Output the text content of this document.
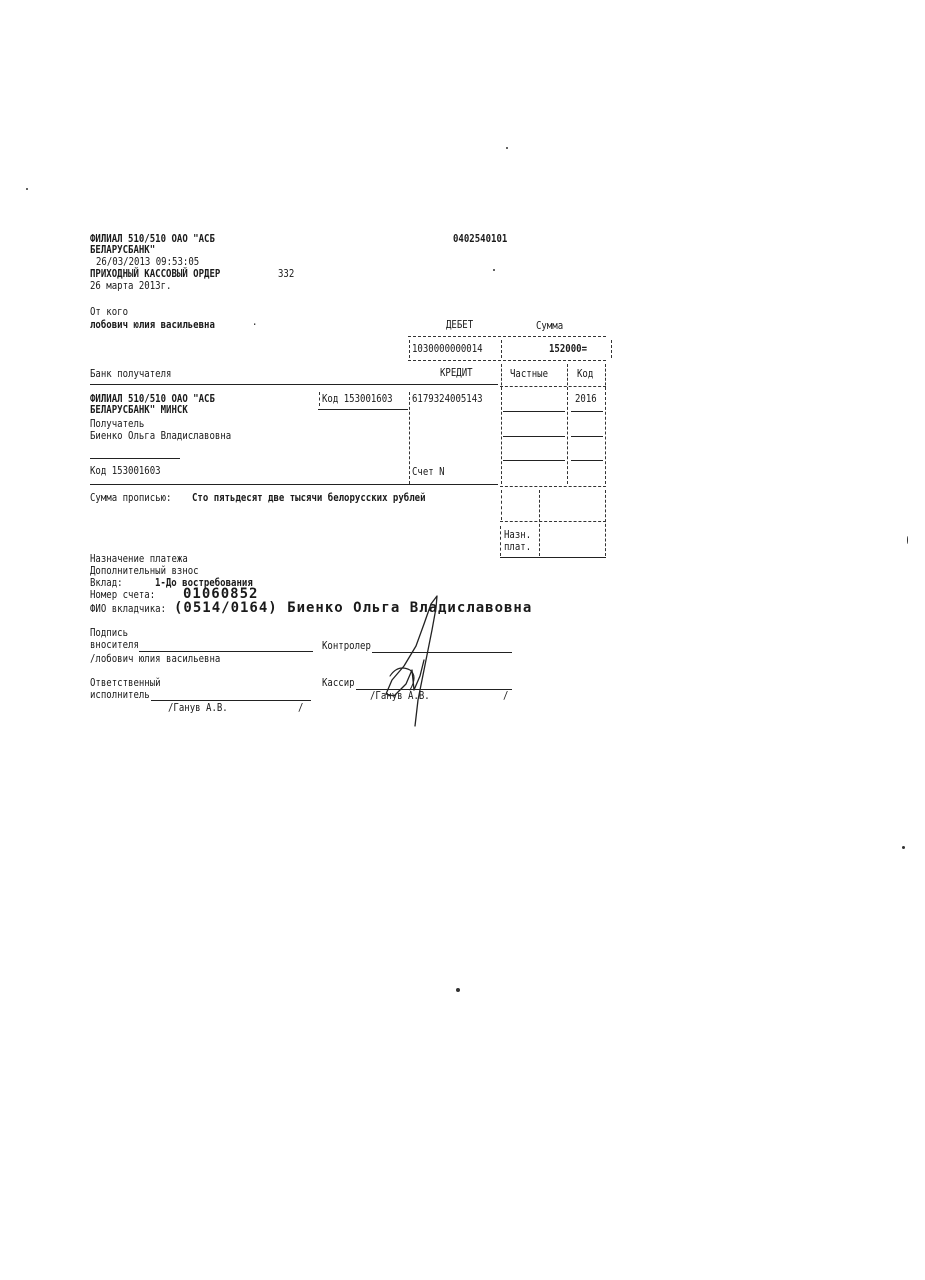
ФИЛИАЛ 510/510 ОАО "АСБ
БЕЛАРУСБАНК"
26/03/2013 09:53:05
ПРИХОДНЫЙ КАССОВЫЙ ОРДЕР	332
26 марта 2013г.
0402540101
От кого
лобович юлия васильевна	·	ДЕБЕТ	Сумма
1030000000014	152000=
Банк получателя	КРЕДИТ	Частные	Код
ФИЛИАЛ 510/510 ОАО "АСБ
БЕЛАРУСБАНК" МИНСК
Код 153001603 6179324005143	2016
Получатель
Биенко Ольга Владиславовна
Код 153001603	Счет N
Сумма прописью: Сто пятьдесят две тысячи белорусских рублей
Назн.
плат.
Назначение платежа
Дополнительный взнос
Вклад:	1-До востребования
Номер счета: 01060852
ФИО вкладчика: (0514/0164) Биенко Ольга Владиславовна
Подпись
вносителя
/лобович юлия васильевна
Контролер
Ответственный
исполнитель
/Ганув А.В.	/
Кассир
/Ганув А.В.	/
